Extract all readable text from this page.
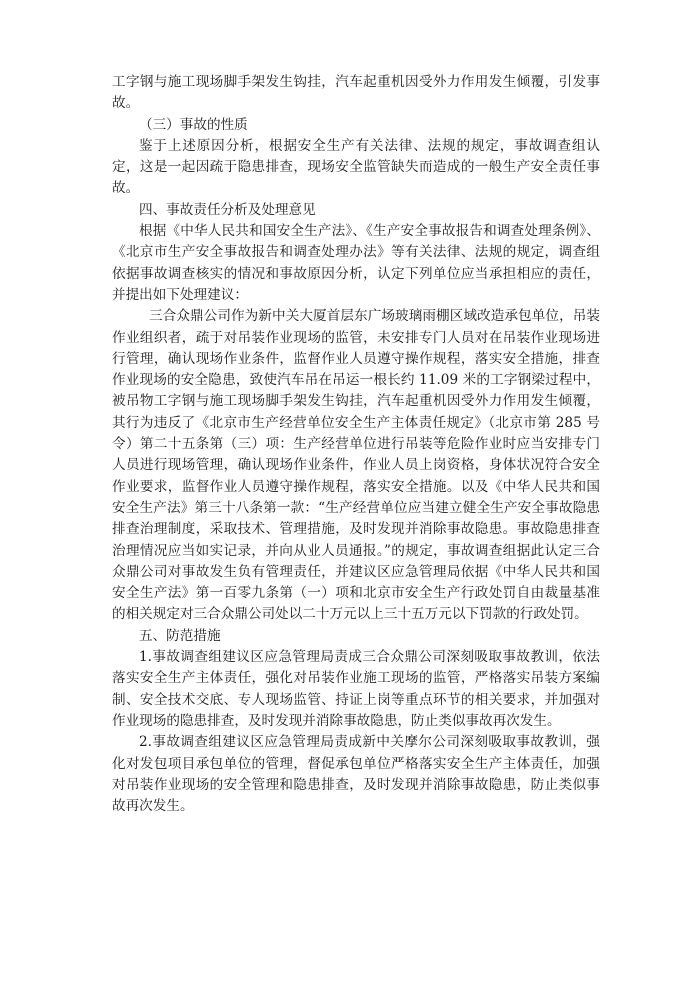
工字钢与施工现场脚手架发生钩挂，汽车起重机因受外力作用发生倾覆，引发事故。

（三）事故的性质

鉴于上述原因分析，根据安全生产有关法律、法规的规定，事故调查组认定，这是一起因疏于隐患排查，现场安全监管缺失而造成的一般生产安全责任事故。

四、事故责任分析及处理意见

根据《中华人民共和国安全生产法》、《生产安全事故报告和调查处理条例》、《北京市生产安全事故报告和调查处理办法》等有关法律、法规的规定，调查组依据事故调查核实的情况和事故原因分析，认定下列单位应当承担相应的责任，并提出如下处理建议：

三合众鼎公司作为新中关大厦首层东广场玻璃雨棚区域改造承包单位，吊装作业组织者，疏于对吊装作业现场的监管，未安排专门人员对在吊装作业现场进行管理，确认现场作业条件，监督作业人员遵守操作规程，落实安全措施，排查作业现场的安全隐患，致使汽车吊在吊运一根长约 11.09 米的工字钢梁过程中，被吊物工字钢与施工现场脚手架发生钩挂，汽车起重机因受外力作用发生倾覆，其行为违反了《北京市生产经营单位安全生产主体责任规定》（北京市第 285 号令）第二十五条第（三）项：生产经营单位进行吊装等危险作业时应当安排专门人员进行现场管理，确认现场作业条件，作业人员上岗资格，身体状况符合安全作业要求，监督作业人员遵守操作规程，落实安全措施。以及《中华人民共和国安全生产法》第三十八条第一款：“生产经营单位应当建立健全生产安全事故隐患排查治理制度，采取技术、管理措施，及时发现并消除事故隐患。事故隐患排查治理情况应当如实记录，并向从业人员通报。”的规定，事故调查组据此认定三合众鼎公司对事故发生负有管理责任，并建议区应急管理局依据《中华人民共和国安全生产法》第一百零九条第（一）项和北京市安全生产行政处罚自由裁量基准的相关规定对三合众鼎公司处以二十万元以上三十五万元以下罚款的行政处罚。

五、防范措施

1.事故调查组建议区应急管理局责成三合众鼎公司深刻吸取事故教训，依法落实安全生产主体责任，强化对吊装作业施工现场的监管，严格落实吊装方案编制、安全技术交底、专人现场监管、持证上岗等重点环节的相关要求，并加强对作业现场的隐患排查，及时发现并消除事故隐患，防止类似事故再次发生。

2.事故调查组建议区应急管理局责成新中关摩尔公司深刻吸取事故教训，强化对发包项目承包单位的管理，督促承包单位严格落实安全生产主体责任，加强对吊装作业现场的安全管理和隐患排查，及时发现并消除事故隐患，防止类似事故再次发生。
